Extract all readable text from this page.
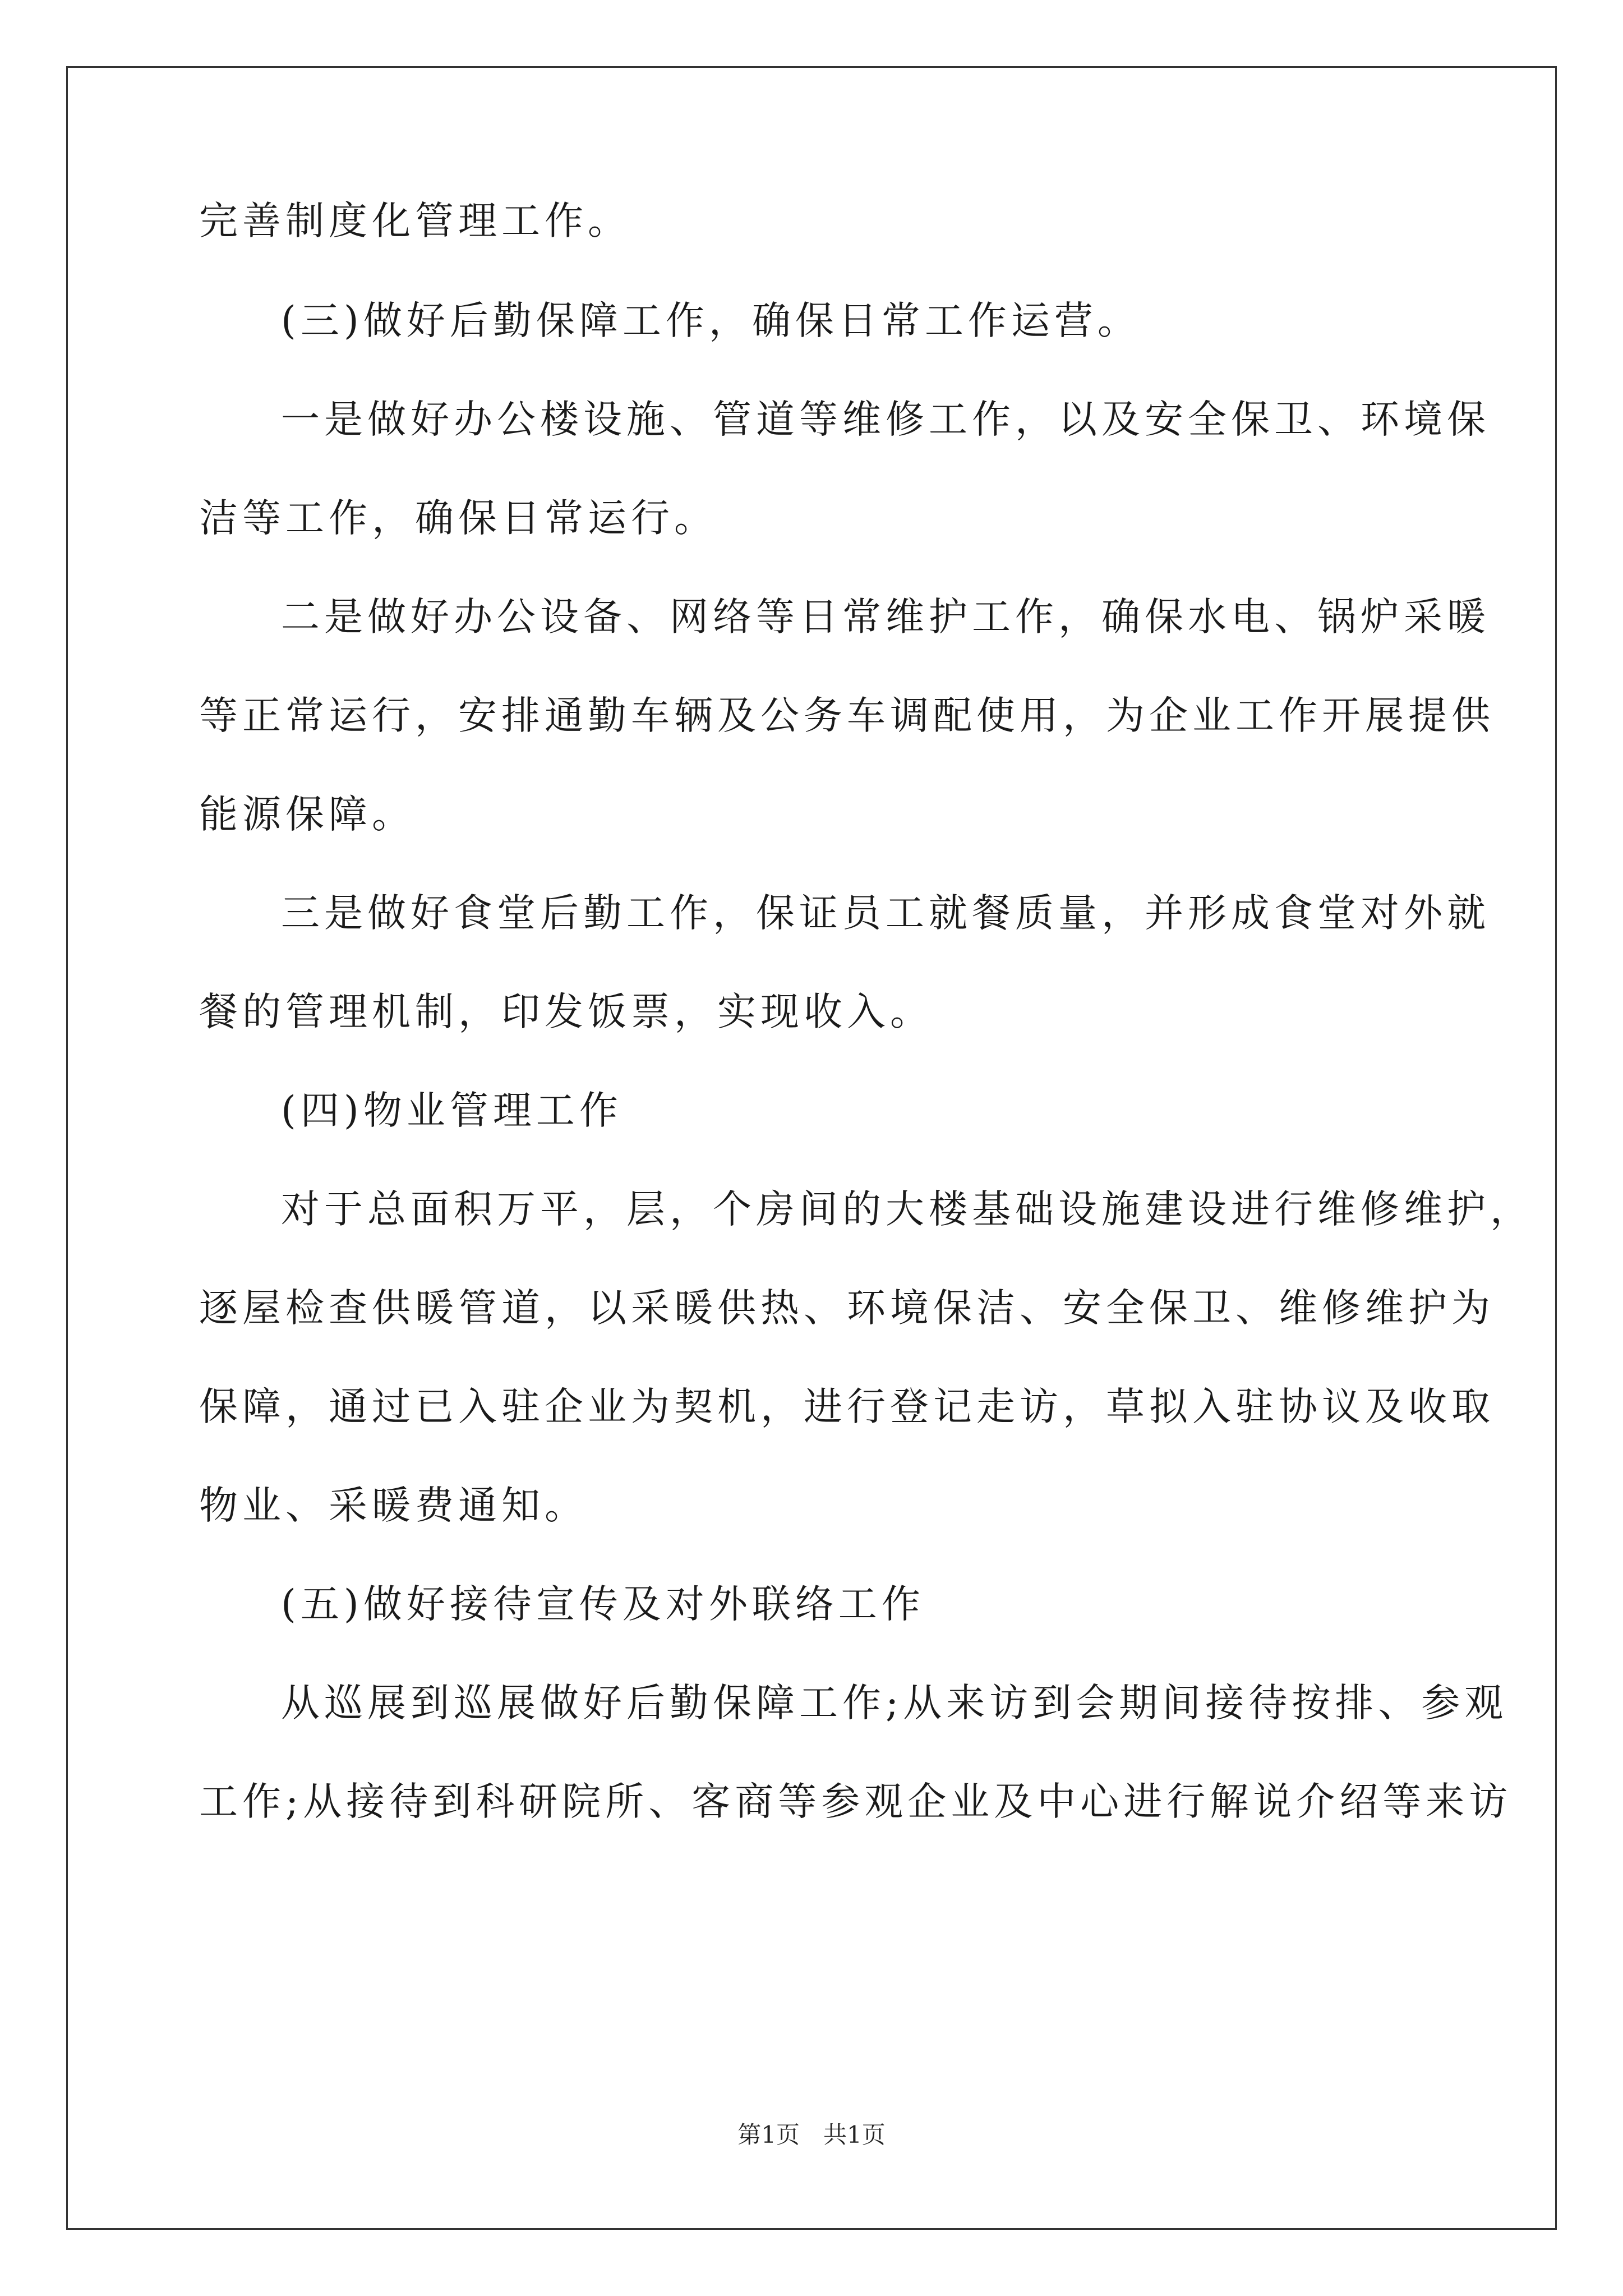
完善制度化管理工作。
(三)做好后勤保障工作，确保日常工作运营。
一是做好办公楼设施、管道等维修工作，以及安全保卫、环境保
洁等工作，确保日常运行。
二是做好办公设备、网络等日常维护工作，确保水电、锅炉采暖
等正常运行，安排通勤车辆及公务车调配使用，为企业工作开展提供
能源保障。
三是做好食堂后勤工作，保证员工就餐质量，并形成食堂对外就
餐的管理机制，印发饭票，实现收入。
(四)物业管理工作
对于总面积万平，层，个房间的大楼基础设施建设进行维修维护，
逐屋检查供暖管道，以采暖供热、环境保洁、安全保卫、维修维护为
保障，通过已入驻企业为契机，进行登记走访，草拟入驻协议及收取
物业、采暖费通知。
(五)做好接待宣传及对外联络工作
从巡展到巡展做好后勤保障工作;从来访到会期间接待按排、参观
工作;从接待到科研院所、客商等参观企业及中心进行解说介绍等来访
第1页　共1页
